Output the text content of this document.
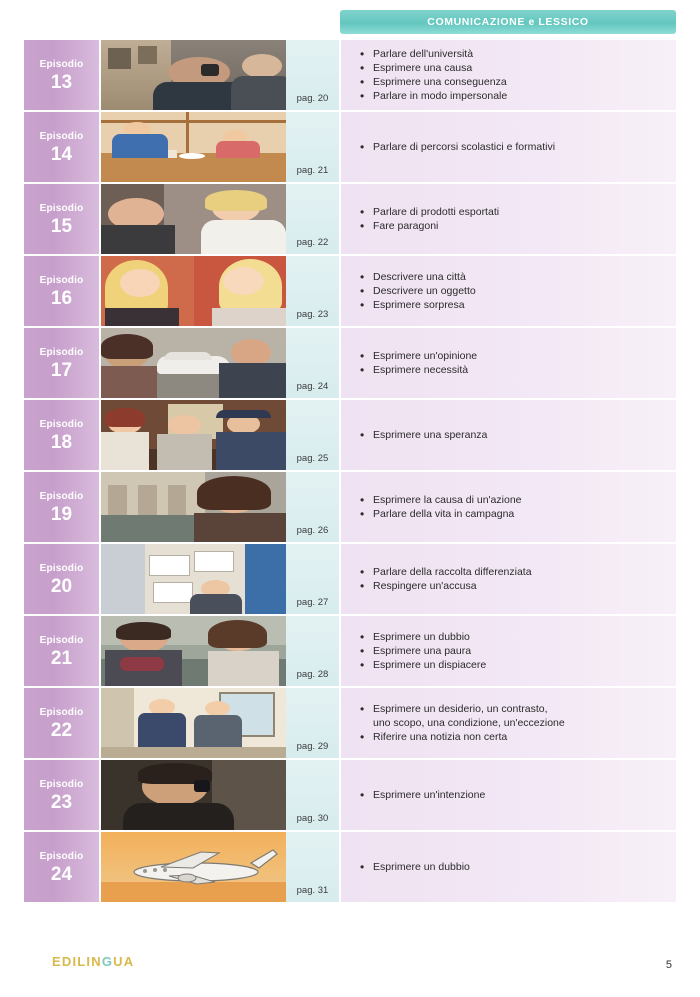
COMUNICAZIONE e LESSICO
Episodio
13
pag. 20
• Parlare dell'università
• Esprimere una causa
• Esprimere una conseguenza
• Parlare in modo impersonale
Episodio
14
pag. 21
• Parlare di percorsi scolastici e formativi
Episodio
15
pag. 22
• Parlare di prodotti esportati
• Fare paragoni
Episodio
16
pag. 23
• Descrivere una città
• Descrivere un oggetto
• Esprimere sorpresa
Episodio
17
pag. 24
• Esprimere un'opinione
• Esprimere necessità
Episodio
18
pag. 25
• Esprimere una speranza
Episodio
19
pag. 26
• Esprimere la causa di un'azione
• Parlare della vita in campagna
Episodio
20
pag. 27
• Parlare della raccolta differenziata
• Respingere un'accusa
Episodio
21
pag. 28
• Esprimere un dubbio
• Esprimere una paura
• Esprimere un dispiacere
Episodio
22
pag. 29
• Esprimere un desiderio, un contrasto,
uno scopo, una condizione, un'eccezione
• Riferire una notizia non certa
Episodio
23
pag. 30
• Esprimere un'intenzione
Episodio
24
pag. 31
• Esprimere un dubbio
EDILINGUA	5
